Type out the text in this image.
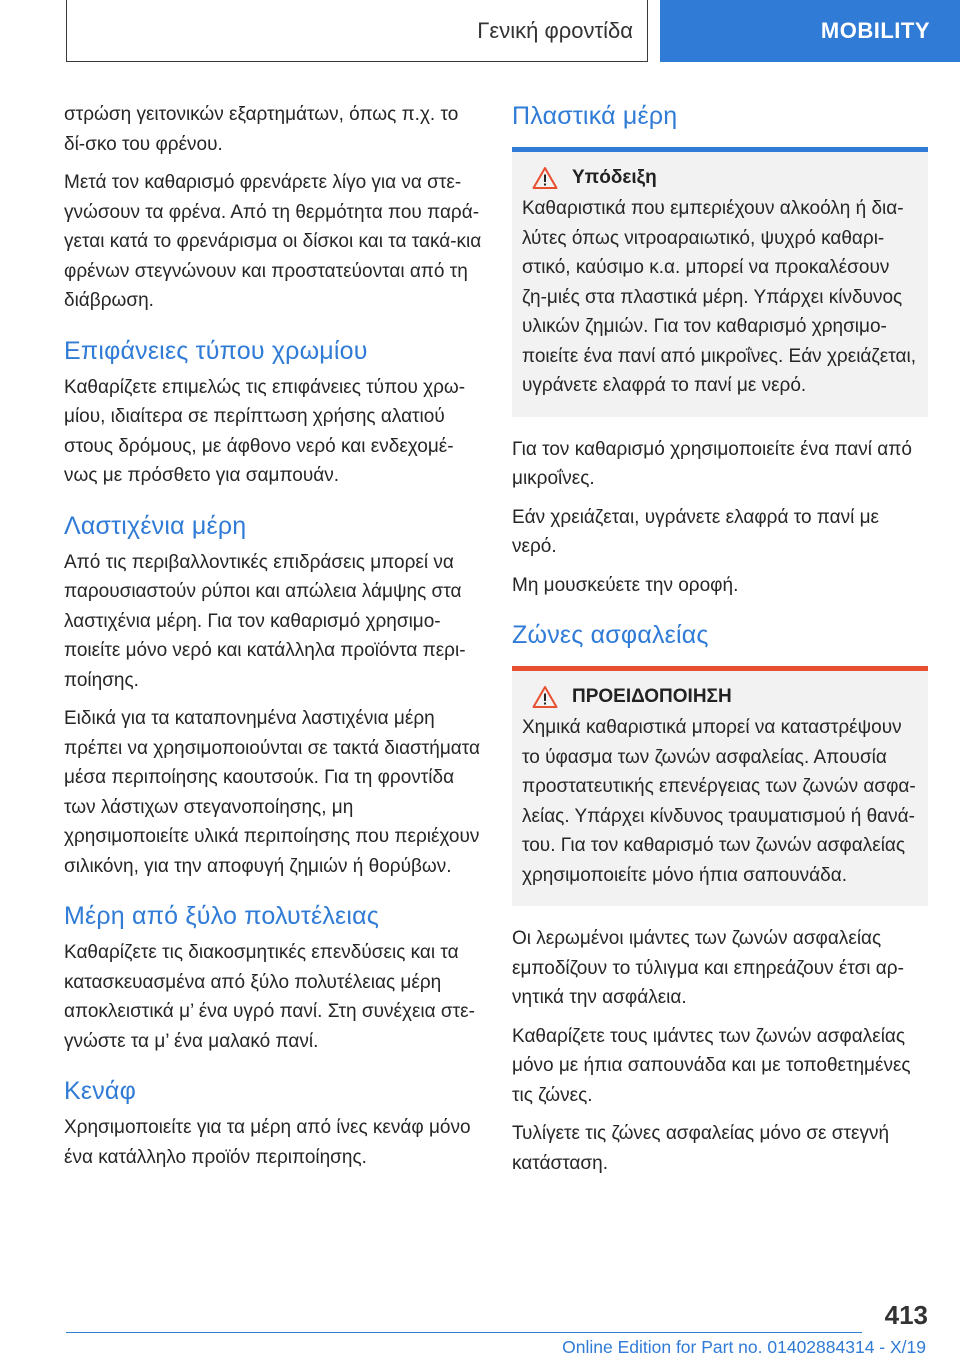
Γενική φροντίδα	MOBILITY

στρώση γειτονικών εξαρτημάτων, όπως π.χ. το δί-σκο του φρένου.

Μετά τον καθαρισμό φρενάρετε λίγο για να στε-γνώσουν τα φρένα. Από τη θερμότητα που παρά-γεται κατά το φρενάρισμα οι δίσκοι και τα τακά-κια φρένων στεγνώνουν και προστατεύονται από τη διάβρωση.

Επιφάνειες τύπου χρωμίου

Καθαρίζετε επιμελώς τις επιφάνειες τύπου χρω-μίου, ιδιαίτερα σε περίπτωση χρήσης αλατιού στους δρόμους, με άφθονο νερό και ενδεχομέ-νως με πρόσθετο για σαμπουάν.

Λαστιχένια μέρη

Από τις περιβαλλοντικές επιδράσεις μπορεί να παρουσιαστούν ρύποι και απώλεια λάμψης στα λαστιχένια μέρη. Για τον καθαρισμό χρησιμο-ποιείτε μόνο νερό και κατάλληλα προϊόντα περι-ποίησης.

Ειδικά για τα καταπονημένα λαστιχένια μέρη πρέπει να χρησιμοποιούνται σε τακτά διαστήματα μέσα περιποίησης καουτσούκ. Για τη φροντίδα των λάστιχων στεγανοποίησης, μη χρησιμοποιείτε υλικά περιποίησης που περιέχουν σιλικόνη, για την αποφυγή ζημιών ή θορύβων.

Μέρη από ξύλο πολυτέλειας

Καθαρίζετε τις διακοσμητικές επενδύσεις και τα κατασκευασμένα από ξύλο πολυτέλειας μέρη αποκλειστικά μ’ ένα υγρό πανί. Στη συνέχεια στε-γνώστε τα μ’ ένα μαλακό πανί.

Κενάφ

Χρησιμοποιείτε για τα μέρη από ίνες κενάφ μόνο ένα κατάλληλο προϊόν περιποίησης.

Πλαστικά μέρη
Υπόδειξη

Καθαριστικά που εμπεριέχουν αλκοόλη ή δια-λύτες όπως νιτροαραιωτικό, ψυχρό καθαρι-στικό, καύσιμο κ.α. μπορεί να προκαλέσουν ζη-μιές στα πλαστικά μέρη. Υπάρχει κίνδυνος υλικών ζημιών. Για τον καθαρισμό χρησιμο-ποιείτε ένα πανί από μικροΐνες. Εάν χρειάζεται, υγράνετε ελαφρά το πανί με νερό.

Για τον καθαρισμό χρησιμοποιείτε ένα πανί από μικροΐνες.

Εάν χρειάζεται, υγράνετε ελαφρά το πανί με νερό.

Μη μουσκεύετε την οροφή.

Ζώνες ασφαλείας
ΠΡΟΕΙΔΟΠΟΙΗΣΗ

Χημικά καθαριστικά μπορεί να καταστρέψουν το ύφασμα των ζωνών ασφαλείας. Απουσία προστατευτικής επενέργειας των ζωνών ασφα-λείας. Υπάρχει κίνδυνος τραυματισμού ή θανά-του. Για τον καθαρισμό των ζωνών ασφαλείας χρησιμοποιείτε μόνο ήπια σαπουνάδα.

Οι λερωμένοι ιμάντες των ζωνών ασφαλείας εμποδίζουν το τύλιγμα και επηρεάζουν έτσι αρ-νητικά την ασφάλεια.

Καθαρίζετε τους ιμάντες των ζωνών ασφαλείας μόνο με ήπια σαπουνάδα και με τοποθετημένες τις ζώνες.

Τυλίγετε τις ζώνες ασφαλείας μόνο σε στεγνή κατάσταση.

413
Online Edition for Part no. 01402884314 - X/19
